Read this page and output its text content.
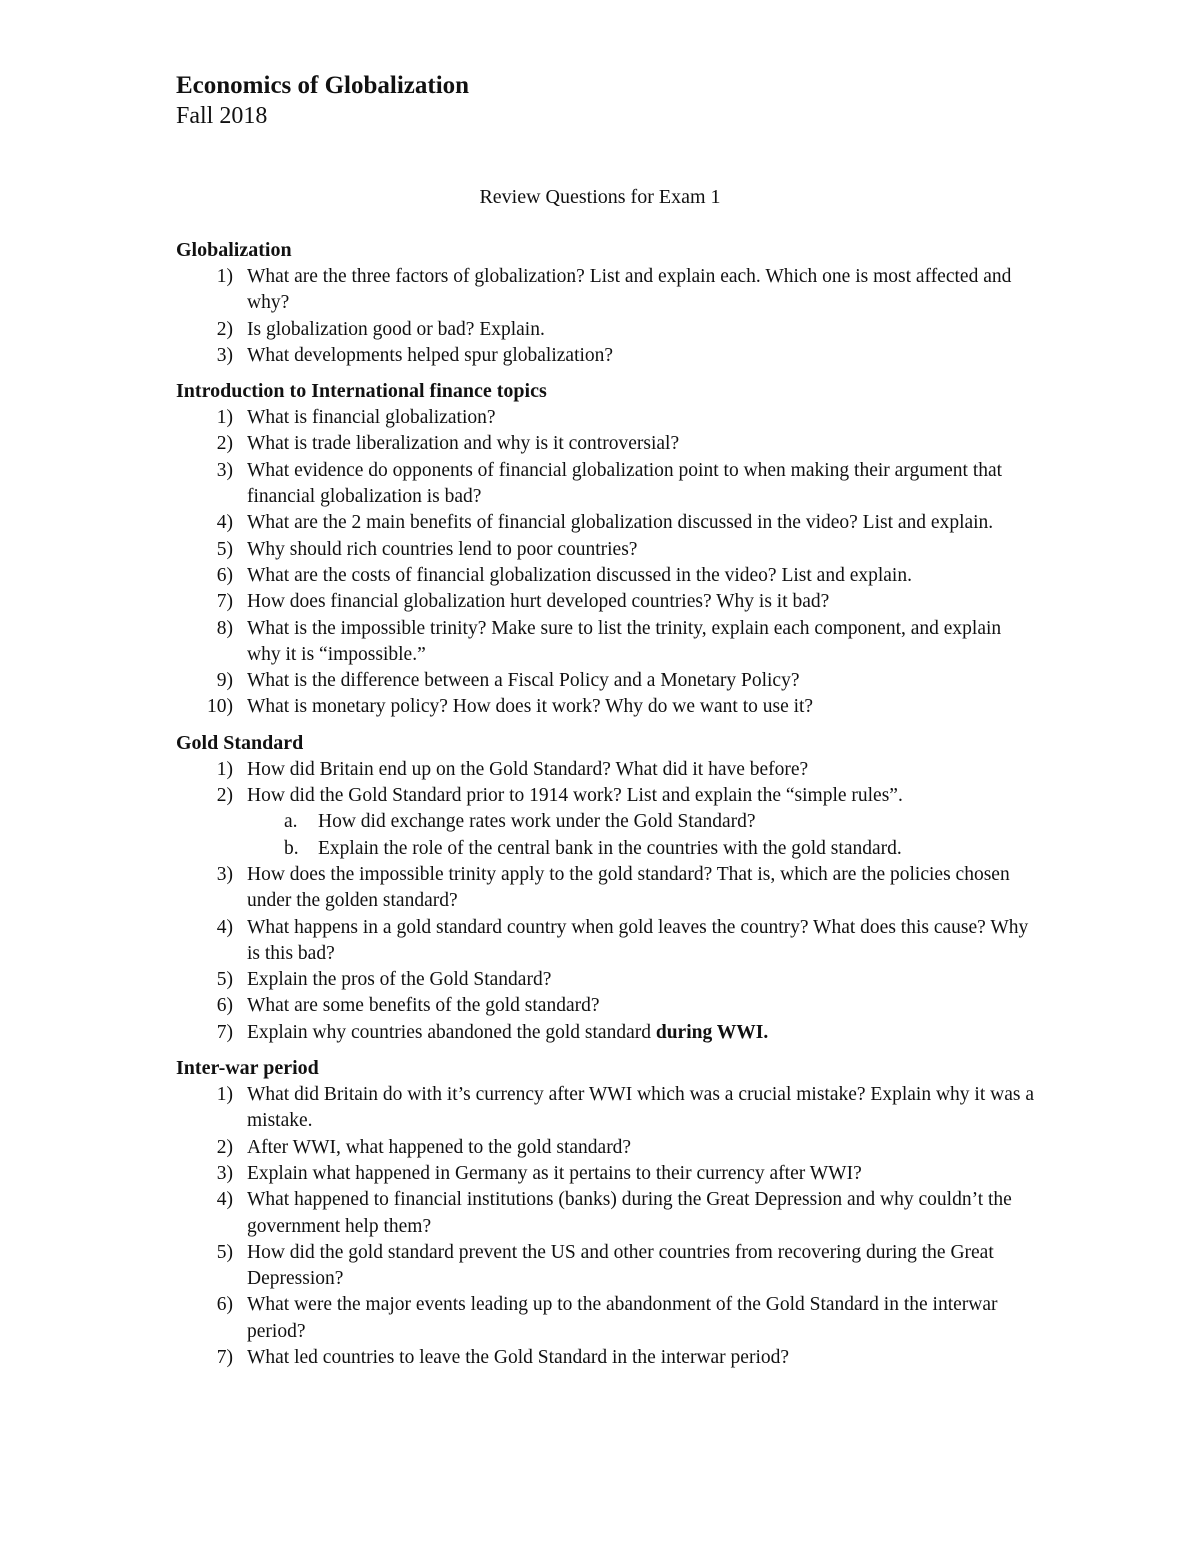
Economics of Globalization
Fall 2018
Review Questions for Exam 1
Globalization
1) What are the three factors of globalization? List and explain each. Which one is most affected and why?
2) Is globalization good or bad? Explain.
3) What developments helped spur globalization?
Introduction to International finance topics
1) What is financial globalization?
2) What is trade liberalization and why is it controversial?
3) What evidence do opponents of financial globalization point to when making their argument that financial globalization is bad?
4) What are the 2 main benefits of financial globalization discussed in the video? List and explain.
5) Why should rich countries lend to poor countries?
6) What are the costs of financial globalization discussed in the video? List and explain.
7) How does financial globalization hurt developed countries? Why is it bad?
8) What is the impossible trinity? Make sure to list the trinity, explain each component, and explain why it is “impossible.”
9) What is the difference between a Fiscal Policy and a Monetary Policy?
10) What is monetary policy? How does it work? Why do we want to use it?
Gold Standard
1) How did Britain end up on the Gold Standard? What did it have before?
2) How did the Gold Standard prior to 1914 work? List and explain the “simple rules”.
a. How did exchange rates work under the Gold Standard?
b. Explain the role of the central bank in the countries with the gold standard.
3) How does the impossible trinity apply to the gold standard? That is, which are the policies chosen under the golden standard?
4) What happens in a gold standard country when gold leaves the country? What does this cause? Why is this bad?
5) Explain the pros of the Gold Standard?
6) What are some benefits of the gold standard?
7) Explain why countries abandoned the gold standard during WWI.
Inter-war period
1) What did Britain do with it’s currency after WWI which was a crucial mistake? Explain why it was a mistake.
2) After WWI, what happened to the gold standard?
3) Explain what happened in Germany as it pertains to their currency after WWI?
4) What happened to financial institutions (banks) during the Great Depression and why couldn’t the government help them?
5) How did the gold standard prevent the US and other countries from recovering during the Great Depression?
6) What were the major events leading up to the abandonment of the Gold Standard in the interwar period?
7) What led countries to leave the Gold Standard in the interwar period?
